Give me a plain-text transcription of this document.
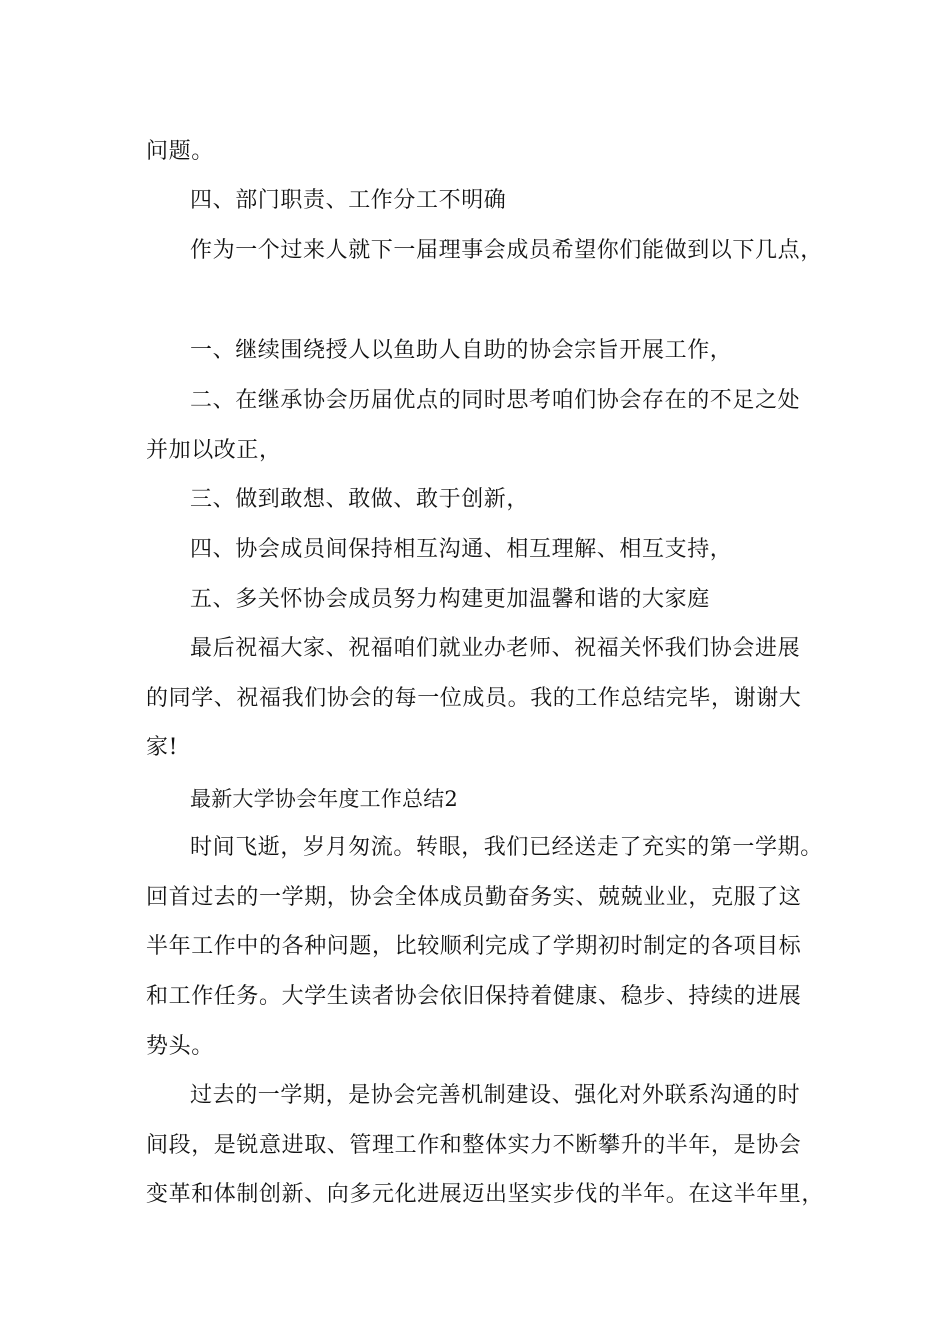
问题。
四、部门职责、工作分工不明确
作为一个过来人就下一届理事会成员希望你们能做到以下几点，
一、继续围绕授人以鱼助人自助的协会宗旨开展工作，
二、在继承协会历届优点的同时思考咱们协会存在的不足之处
并加以改正，
三、做到敢想、敢做、敢于创新，
四、协会成员间保持相互沟通、相互理解、相互支持，
五、多关怀协会成员努力构建更加温馨和谐的大家庭
最后祝福大家、祝福咱们就业办老师、祝福关怀我们协会进展
的同学、祝福我们协会的每一位成员。我的工作总结完毕，谢谢大
家!
最新大学协会年度工作总结2
时间飞逝，岁月匆流。转眼，我们已经送走了充实的第一学期。
回首过去的一学期，协会全体成员勤奋务实、兢兢业业，克服了这
半年工作中的各种问题，比较顺利完成了学期初时制定的各项目标
和工作任务。大学生读者协会依旧保持着健康、稳步、持续的进展
势头。
过去的一学期，是协会完善机制建设、强化对外联系沟通的时
间段，是锐意进取、管理工作和整体实力不断攀升的半年，是协会
变革和体制创新、向多元化进展迈出坚实步伐的半年。在这半年里，
